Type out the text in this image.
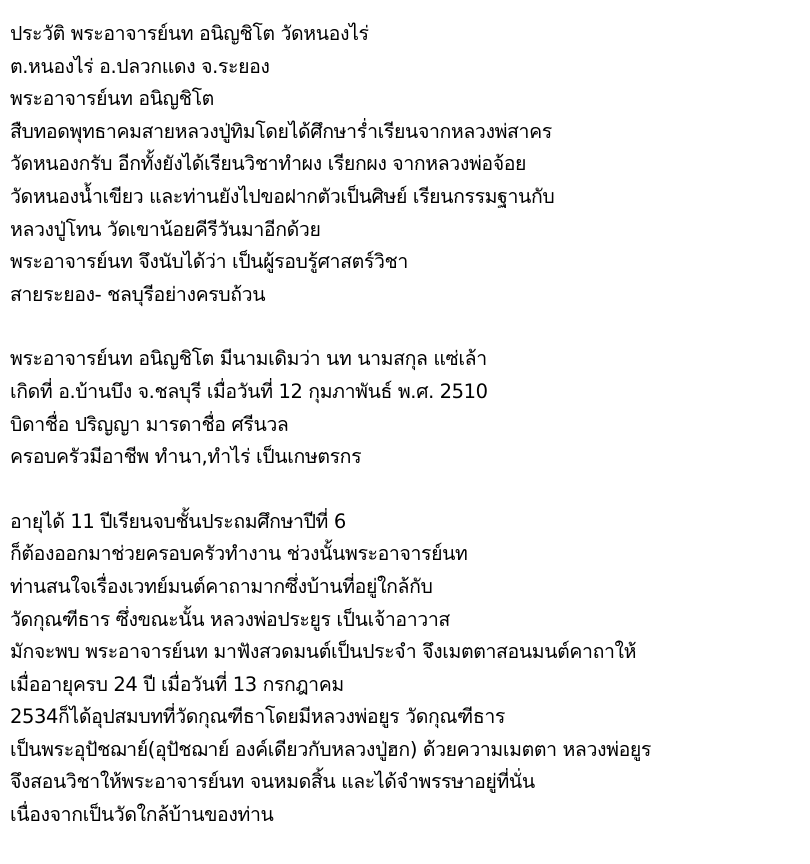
ประวัติ พระอาจารย์นท อนิญชิโต วัดหนองไร่
ต.หนองไร่ อ.ปลวกแดง จ.ระยอง
พระอาจารย์นท อนิญชิโต
สืบทอดพุทธาคมสายหลวงปู่ทิมโดยได้ศึกษาร่ำเรียนจากหลวงพ่สาคร
วัดหนองกรับ อีกทั้งยังได้เรียนวิชาทำผง เรียกผง จากหลวงพ่อจ้อย
วัดหนองน้ำเขียว และท่านยังไปขอฝากตัวเป็นศิษย์ เรียนกรรมฐานกับ
หลวงปู่โทน วัดเขาน้อยคีรีวันมาอีกด้วย
พระอาจารย์นท จึงนับได้ว่า เป็นผู้รอบรู้ศาสตร์วิชา
สายระยอง- ชลบุรีอย่างครบถ้วน
พระอาจารย์นท อนิญชิโต มีนามเดิมว่า นท นามสกุล แซ่เล้า
เกิดที่ อ.บ้านบึง จ.ชลบุรี เมื่อวันที่ 12 กุมภาพันธ์ พ.ศ. 2510
บิดาชื่อ ปริญญา มารดาชื่อ ศรีนวล
ครอบครัวมีอาชีพ ทำนา,ทำไร่ เป็นเกษตรกร
อายุได้ 11 ปีเรียนจบชั้นประถมศึกษาปีที่ 6
ก็ต้องออกมาช่วยครอบครัวทำงาน ช่วงนั้นพระอาจารย์นท
ท่านสนใจเรื่องเวทย์มนต์คาถามากซึ่งบ้านที่อยู่ใกล้กับ
วัดกุณฑีธาร ซึ่งขณะนั้น หลวงพ่อประยูร เป็นเจ้าอาวาส
มักจะพบ พระอาจารย์นท มาฟังสวดมนต์เป็นประจำ จึงเมตตาสอนมนต์คาถาให้
เมื่ออายุครบ 24 ปี เมื่อวันที่ 13 กรกฎาคม
2534ก็ได้อุปสมบทที่วัดกุณฑีธาโดยมีหลวงพ่อยูร วัดกุณฑีธาร
เป็นพระอุปัชฌาย์(อุปัชฌาย์ องค์เดียวกับหลวงปู่ฮก) ด้วยความเมตตา หลวงพ่อยูร
จึงสอนวิชาให้พระอาจารย์นท จนหมดสิ้น และได้จำพรรษาอยู่ที่นั่น
เนื่องจากเป็นวัดใกล้บ้านของท่าน
